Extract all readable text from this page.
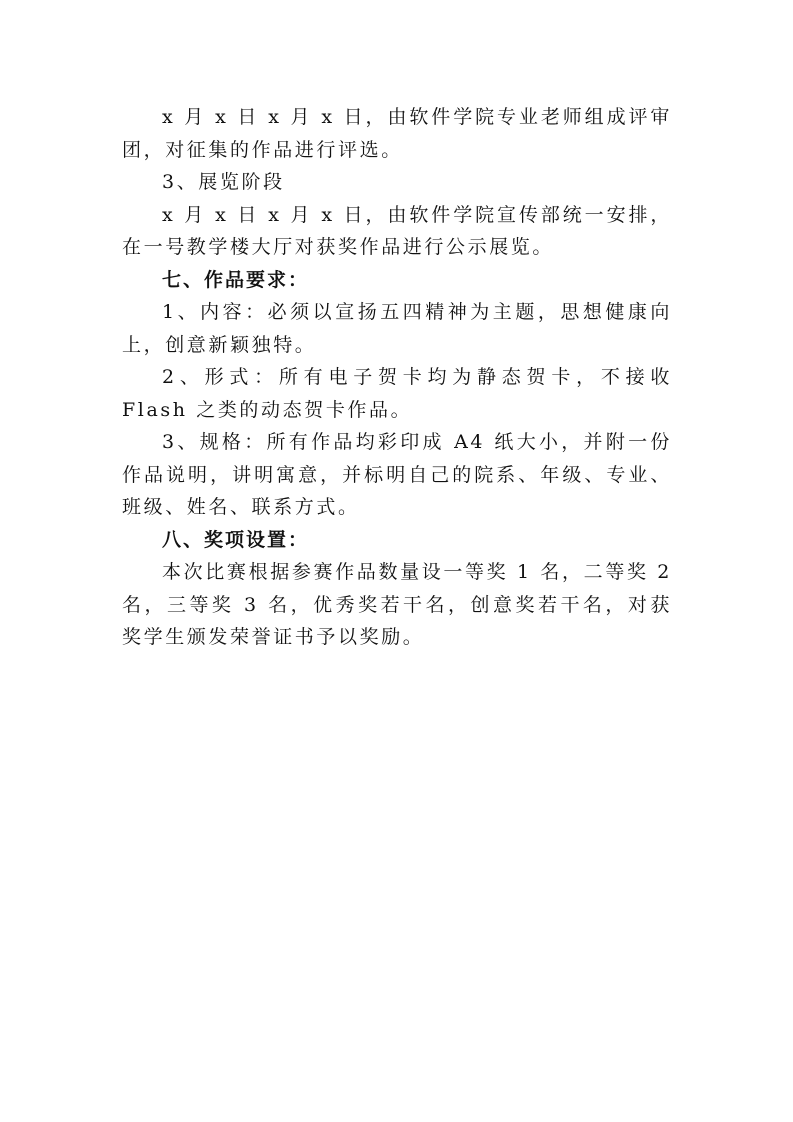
x 月 x 日 x 月 x 日，由软件学院专业老师组成评审团，对征集的作品进行评选。

3、展览阶段

x 月 x 日 x 月 x 日，由软件学院宣传部统一安排，在一号教学楼大厅对获奖作品进行公示展览。

七、作品要求：

1、内容：必须以宣扬五四精神为主题，思想健康向上，创意新颖独特。

2、形式：所有电子贺卡均为静态贺卡，不接收 Flash 之类的动态贺卡作品。

3、规格：所有作品均彩印成 A4 纸大小，并附一份作品说明，讲明寓意，并标明自己的院系、年级、专业、班级、姓名、联系方式。

八、奖项设置：

本次比赛根据参赛作品数量设一等奖 1 名，二等奖 2 名，三等奖 3 名，优秀奖若干名，创意奖若干名，对获奖学生颁发荣誉证书予以奖励。
